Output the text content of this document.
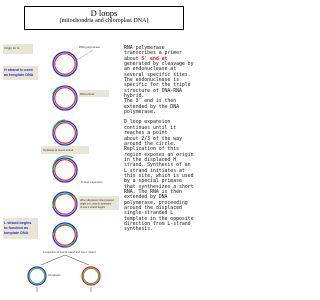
D loops
(mitochondria and chloroplast DNA)
Origin for H
H strand is used
as template DNA
L strand begins
to function as
template DNA
RNA polymerase
RNA primer
Synthesis of new H strand
D-loop expansion
When displaced strand passes
origin on L strand, synthesis
of new L strand begins
Completion of new H strand and new L strand
Completion

RNA polymerase
transcribes a primer
about 5' end at
generated by cleavage by
an endonuclease at
several specific sites.
The endonuclease is
specific for the triple
structure of DNA-RNA
hybrid.
The 3' end is then
extended by the DNA
polymerase.

D loop expansion
continues until it
reaches a point
about 2/3 of the way
around the circle.
Replication of this
region exposes an origin
in the displaced H
strand. Synthesis of an
L strand initiates at
this site, which is used
by a special primase
that synthesizes a short
RNA. The RNA is then
extended by DNA
polymerase, proceeding
around the displaced
single-stranded L
template in the opposite
direction from L-strand
synthesis.
